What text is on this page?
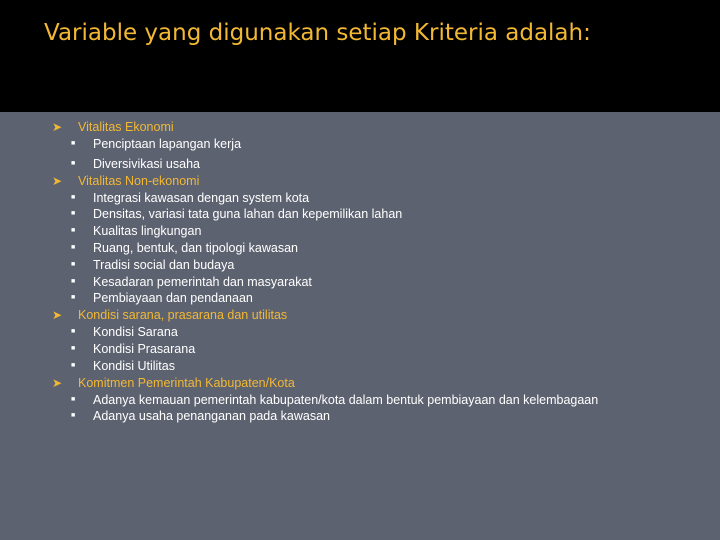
Variable yang digunakan setiap Kriteria adalah:
➤	Vitalitas Ekonomi
■	Penciptaan lapangan kerja
■	Diversivikasi usaha
➤	Vitalitas Non-ekonomi
■	Integrasi kawasan dengan system kota
■	Densitas, variasi tata guna lahan dan kepemilikan lahan
■	Kualitas lingkungan
■	Ruang, bentuk, dan tipologi kawasan
■	Tradisi social dan budaya
■	Kesadaran pemerintah dan masyarakat
■	Pembiayaan dan pendanaan
➤	Kondisi sarana, prasarana dan utilitas
■	Kondisi Sarana
■	Kondisi Prasarana
■	Kondisi Utilitas
➤	Komitmen Pemerintah Kabupaten/Kota
■	Adanya kemauan pemerintah kabupaten/kota dalam bentuk pembiayaan dan kelembagaan
■	Adanya usaha penanganan pada kawasan
